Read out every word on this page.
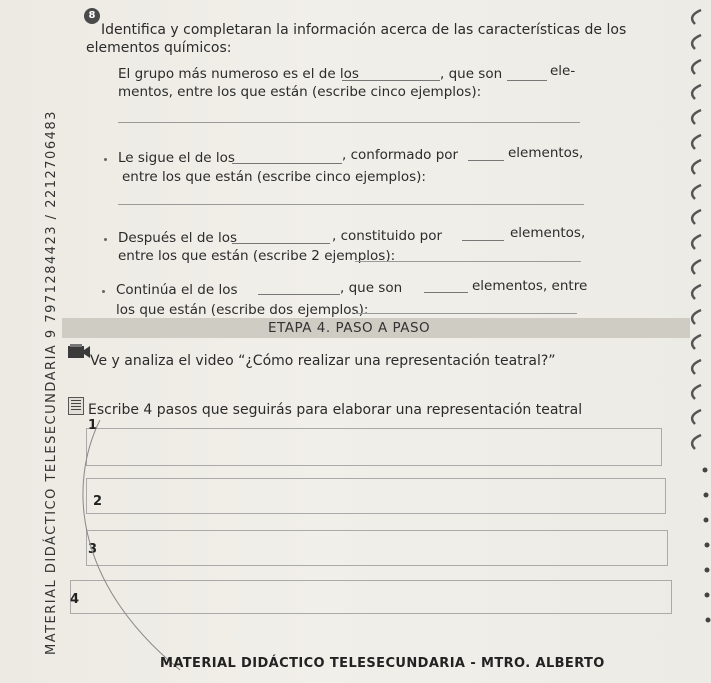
MATERIAL DIDÁCTICO TELESECUNDARIA 9 7971284423 / 2212706483
8
Identifica y completaran la información acerca de las características de los
elementos químicos:
El grupo más numeroso es el de los	, que son	ele-
mentos, entre los que están (escribe cinco ejemplos):
Le sigue el de los	, conformado por	elementos,
entre los que están (escribe cinco ejemplos):
Después el de los	, constituido por	elementos,
entre los que están (escribe 2 ejemplos):
Continúa el de los	, que son	elementos, entre
los que están (escribe dos ejemplos):
ETAPA 4. PASO A PASO
Ve y analiza el video “¿Cómo realizar una representación teatral?”
Escribe 4 pasos que seguirás para elaborar una representación teatral
1
2
3
4
MATERIAL DIDÁCTICO TELESECUNDARIA - MTRO. ALBERTO
